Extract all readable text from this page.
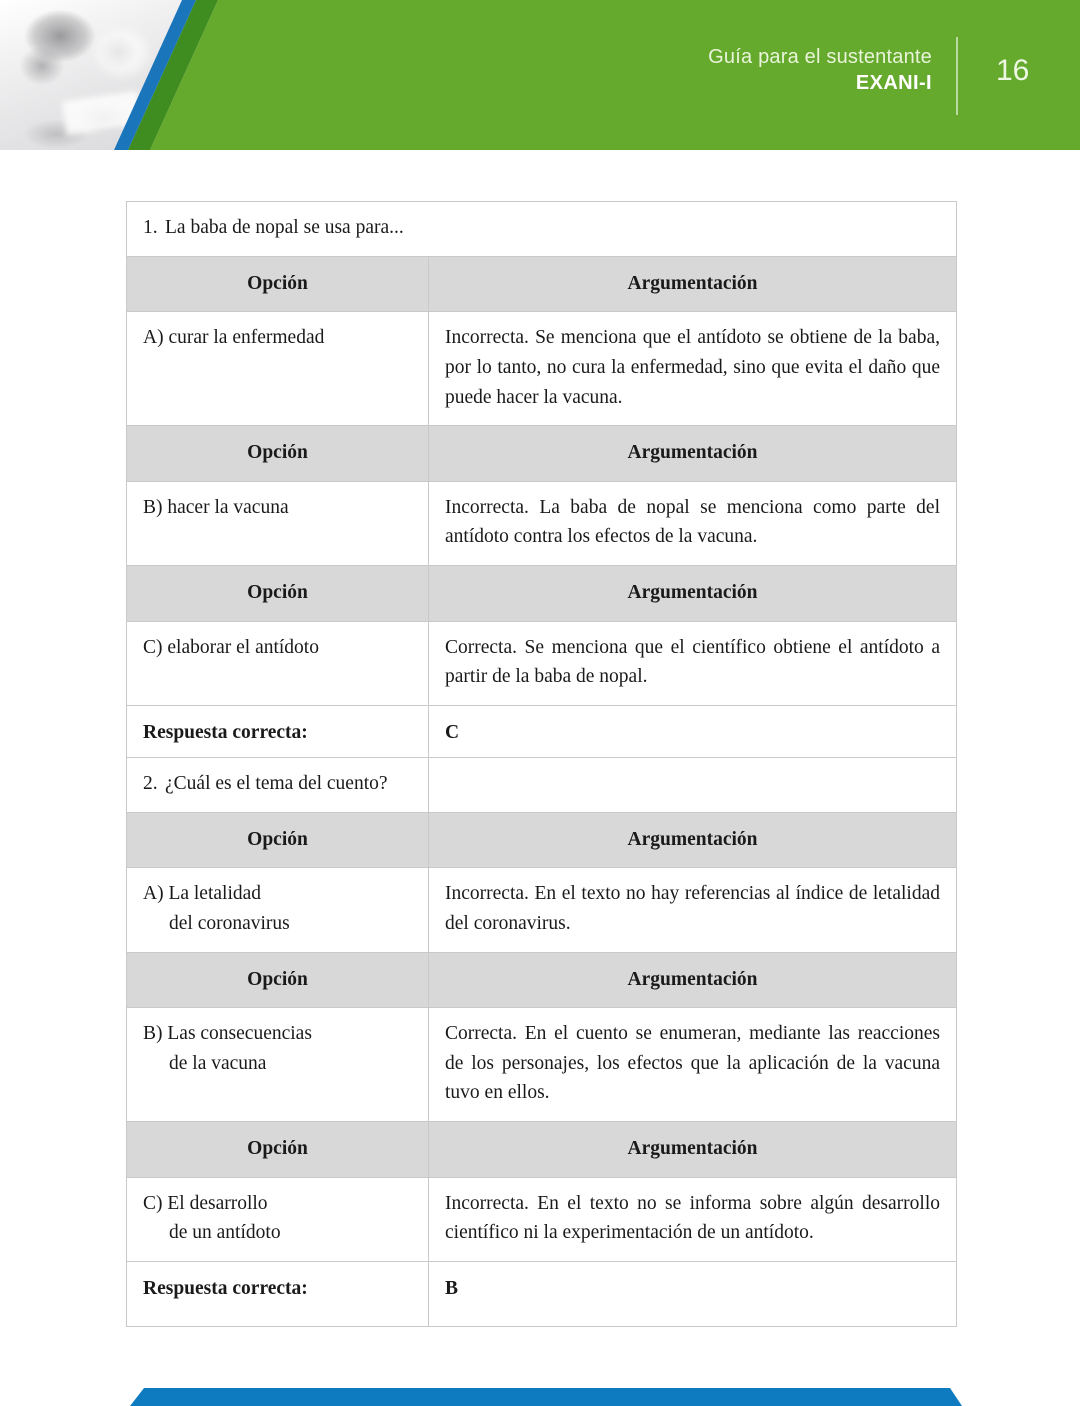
Guía para el sustentante
EXANI-I 16
1. La baba de nopal se usa para...	
Opción	Argumentación
A) curar la enfermedad	Incorrecta. Se menciona que el antídoto se obtiene de la baba, por lo tanto, no cura la enfermedad, sino que evita el daño que puede hacer la vacuna.
Opción	Argumentación
B) hacer la vacuna	Incorrecta. La baba de nopal se menciona como parte del antídoto contra los efectos de la vacuna.
Opción	Argumentación
C) elaborar el antídoto	Correcta. Se menciona que el científico obtiene el antídoto a partir de la baba de nopal.
Respuesta correcta:	C
2. ¿Cuál es el tema del cuento?	
Opción	Argumentación
A) La letalidad
del coronavirus	Incorrecta. En el texto no hay referencias al índice de letalidad del coronavirus.
Opción	Argumentación
B) Las consecuencias
de la vacuna	Correcta. En el cuento se enumeran, mediante las reacciones de los personajes, los efectos que la aplicación de la vacuna tuvo en ellos.
Opción	Argumentación
C) El desarrollo
de un antídoto	Incorrecta. En el texto no se informa sobre algún desarrollo científico ni la experimentación de un antídoto.
Respuesta correcta:	B
